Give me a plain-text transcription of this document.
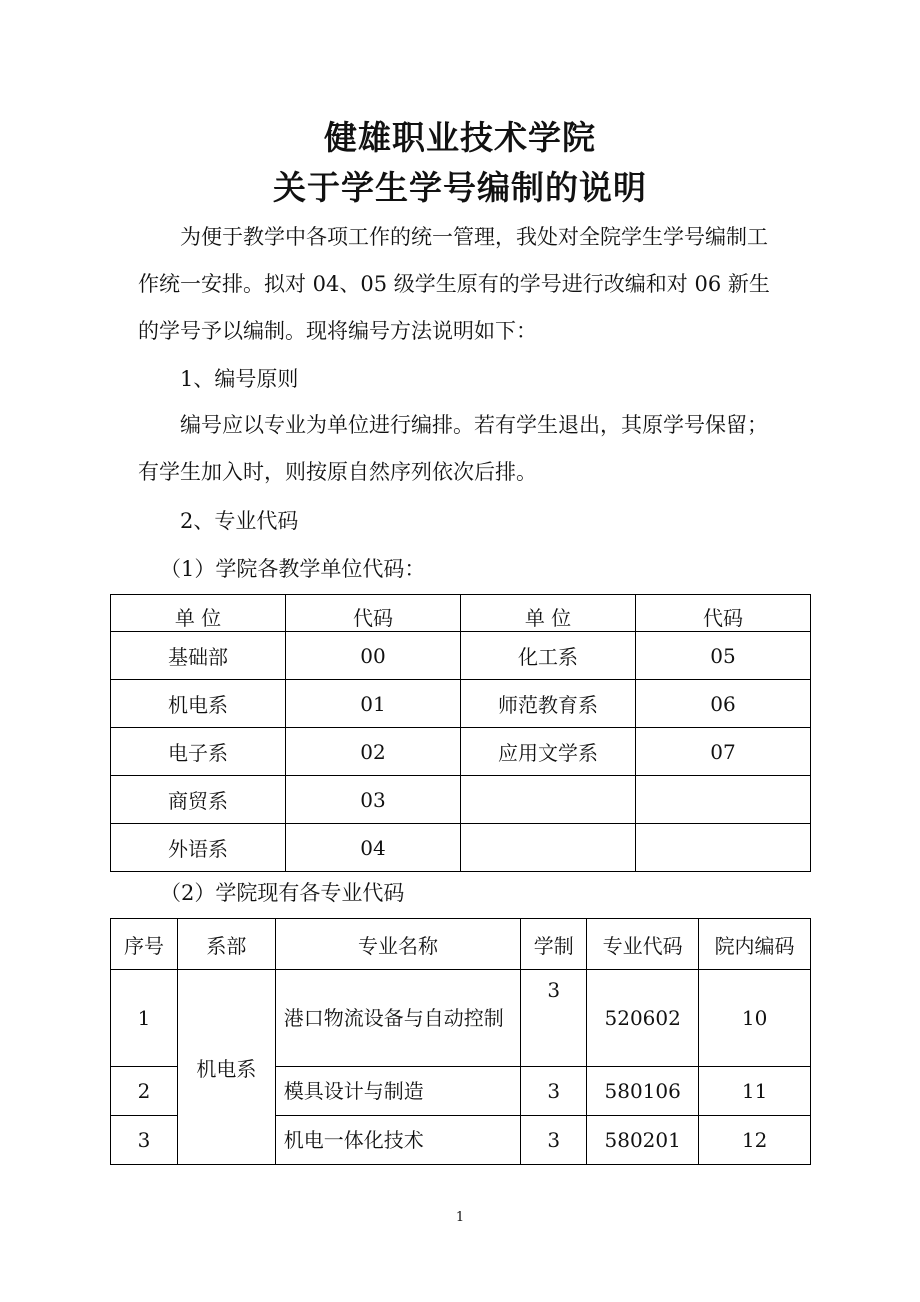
健雄职业技术学院
关于学生学号编制的说明

为便于教学中各项工作的统一管理，我处对全院学生学号编制工作统一安排。拟对 04、05 级学生原有的学号进行改编和对 06 新生的学号予以编制。现将编号方法说明如下：

1、编号原则

编号应以专业为单位进行编排。若有学生退出，其原学号保留；有学生加入时，则按原自然序列依次后排。

2、专业代码
（1）学院各教学单位代码：
单 位	代码	单 位	代码
基础部	00	化工系	05
机电系	01	师范教育系	06
电子系	02	应用文学系	07
商贸系	03		
外语系	04		
（2）学院现有各专业代码
序号	系部	专业名称	学制	专业代码	院内编码
1	机电系	港口物流设备与自动控制	3	520602	10
2		模具设计与制造	3	580106	11
3		机电一体化技术	3	580201	12
1
